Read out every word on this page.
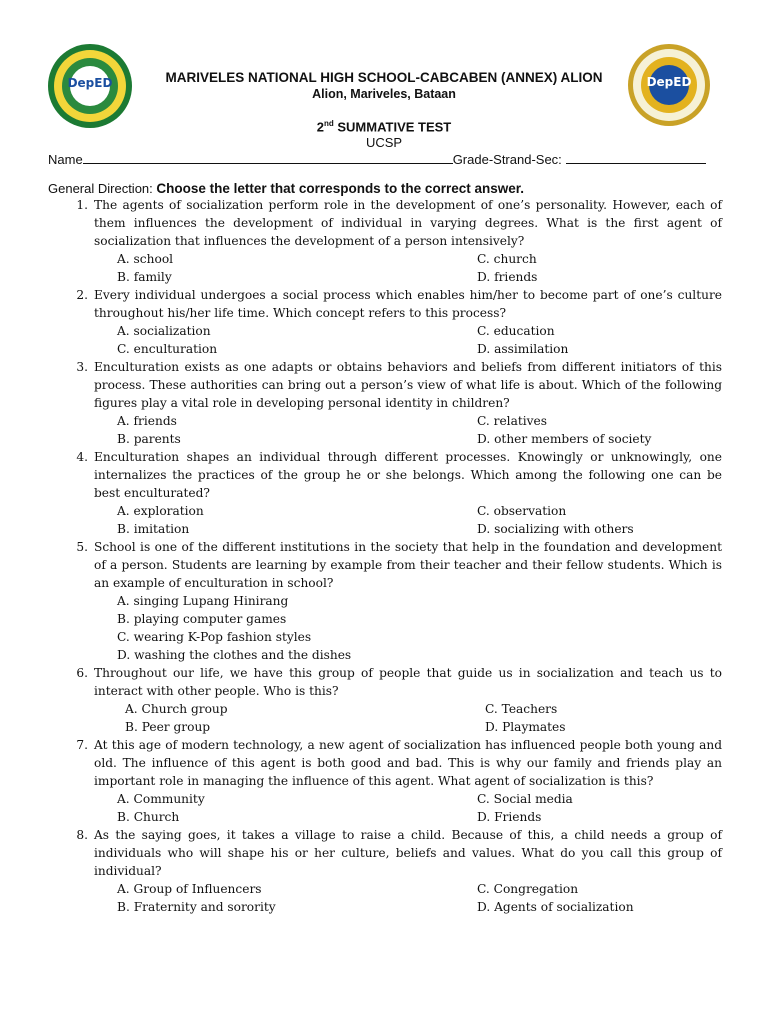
DepED	DepED
MARIVELES NATIONAL HIGH SCHOOL-CABCABEN (ANNEX) ALION
Alion, Mariveles, Bataan
2nd SUMMATIVE TEST
UCSP
Name	Grade-Strand-Sec:
General Direction: Choose the letter that corresponds to the correct answer.
1. The agents of socialization perform role in the development of one’s personality. However, each of them influences the development of individual in varying degrees. What is the first agent of socialization that influences the development of a person intensively?
A. school	C. church
B. family	D. friends
2. Every individual undergoes a social process which enables him/her to become part of one’s culture throughout his/her life time. Which concept refers to this process?
A. socialization	C. education
C. enculturation	D. assimilation
3. Enculturation exists as one adapts or obtains behaviors and beliefs from different initiators of this process. These authorities can bring out a person’s view of what life is about. Which of the following figures play a vital role in developing personal identity in children?
A. friends	C. relatives
B. parents	D. other members of society
4. Enculturation shapes an individual through different processes. Knowingly or unknowingly, one internalizes the practices of the group he or she belongs. Which among the following one can be best enculturated?
A. exploration	C. observation
B. imitation	D. socializing with others
5. School is one of the different institutions in the society that help in the foundation and development of a person. Students are learning by example from their teacher and their fellow students. Which is an example of enculturation in school?
A. singing Lupang Hinirang
B. playing computer games
C. wearing K-Pop fashion styles
D. washing the clothes and the dishes
6. Throughout our life, we have this group of people that guide us in socialization and teach us to interact with other people. Who is this?
A. Church group	C. Teachers
B. Peer group	D. Playmates
7. At this age of modern technology, a new agent of socialization has influenced people both young and old. The influence of this agent is both good and bad. This is why our family and friends play an important role in managing the influence of this agent. What agent of socialization is this?
A. Community	C. Social media
B. Church	D. Friends
8. As the saying goes, it takes a village to raise a child. Because of this, a child needs a group of individuals who will shape his or her culture, beliefs and values. What do you call this group of individual?
A. Group of Influencers	C. Congregation
B. Fraternity and sorority	D. Agents of socialization
